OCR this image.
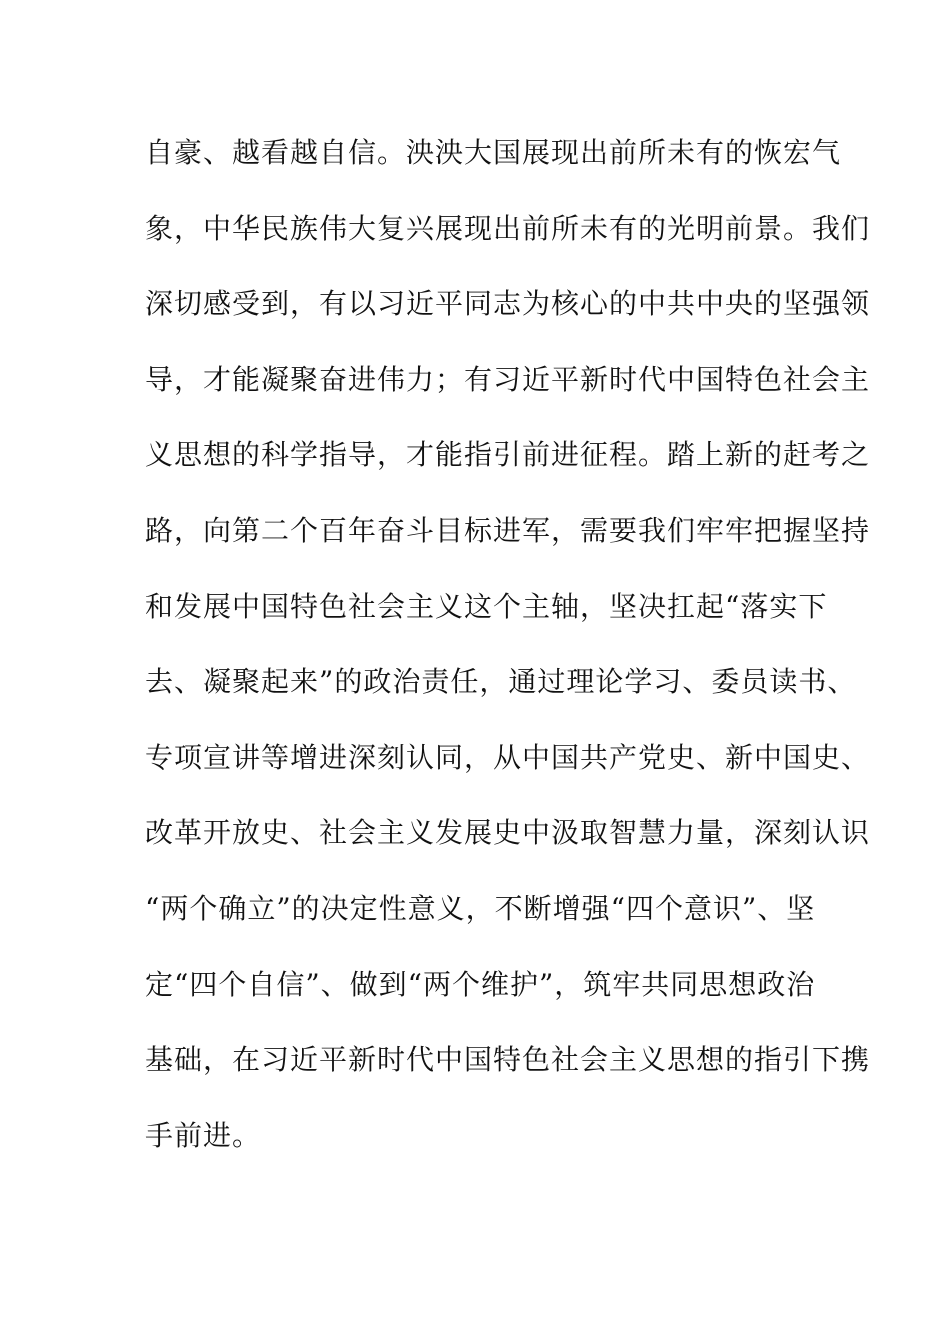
自豪、越看越自信。泱泱大国展现出前所未有的恢宏气
象，中华民族伟大复兴展现出前所未有的光明前景。我们
深切感受到，有以习近平同志为核心的中共中央的坚强领
导，才能凝聚奋进伟力；有习近平新时代中国特色社会主
义思想的科学指导，才能指引前进征程。踏上新的赶考之
路，向第二个百年奋斗目标进军，需要我们牢牢把握坚持
和发展中国特色社会主义这个主轴，坚决扛起“落实下
去、凝聚起来”的政治责任，通过理论学习、委员读书、
专项宣讲等增进深刻认同，从中国共产党史、新中国史、
改革开放史、社会主义发展史中汲取智慧力量，深刻认识
“两个确立”的决定性意义，不断增强“四个意识”、坚
定“四个自信”、做到“两个维护”，筑牢共同思想政治
基础，在习近平新时代中国特色社会主义思想的指引下携
手前进。
